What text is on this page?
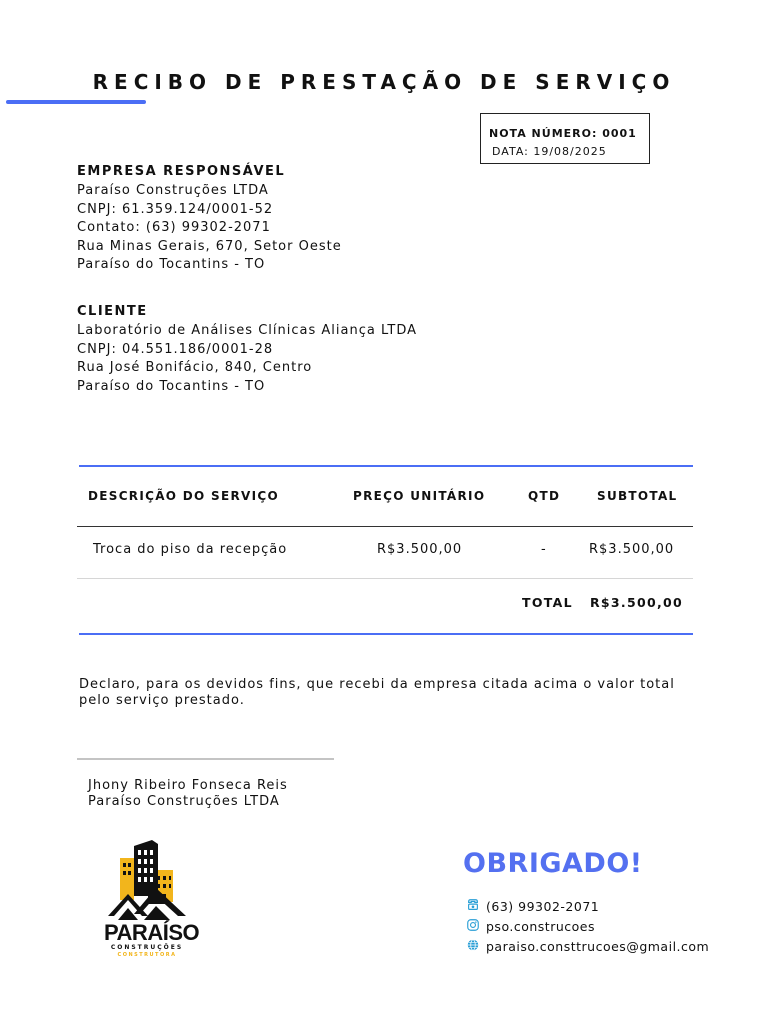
RECIBO DE PRESTAÇÃO DE SERVIÇO
NOTA NÚMERO: 0001
DATA: 19/08/2025
EMPRESA RESPONSÁVEL
Paraíso Construções LTDA
CNPJ: 61.359.124/0001-52
Contato: (63) 99302-2071
Rua Minas Gerais, 670, Setor Oeste
Paraíso do Tocantins - TO
CLIENTE
Laboratório de Análises Clínicas Aliança LTDA
CNPJ: 04.551.186/0001-28
Rua José Bonifácio, 840, Centro
Paraíso do Tocantins - TO
DESCRIÇÃO DO SERVIÇO	PREÇO UNITÁRIO	QTD	SUBTOTAL
Troca do piso da recepção	R$3.500,00	-	R$3.500,00
TOTAL R$3.500,00
Declaro, para os devidos fins, que recebi da empresa citada acima o valor total
pelo serviço prestado.
Jhony Ribeiro Fonseca Reis
Paraíso Construções LTDA
PARAÍSO
CONSTRUÇÕES
CONSTRUTORA
OBRIGADO!
(63) 99302-2071
pso.construcoes
paraiso.consttrucoes@gmail.com
